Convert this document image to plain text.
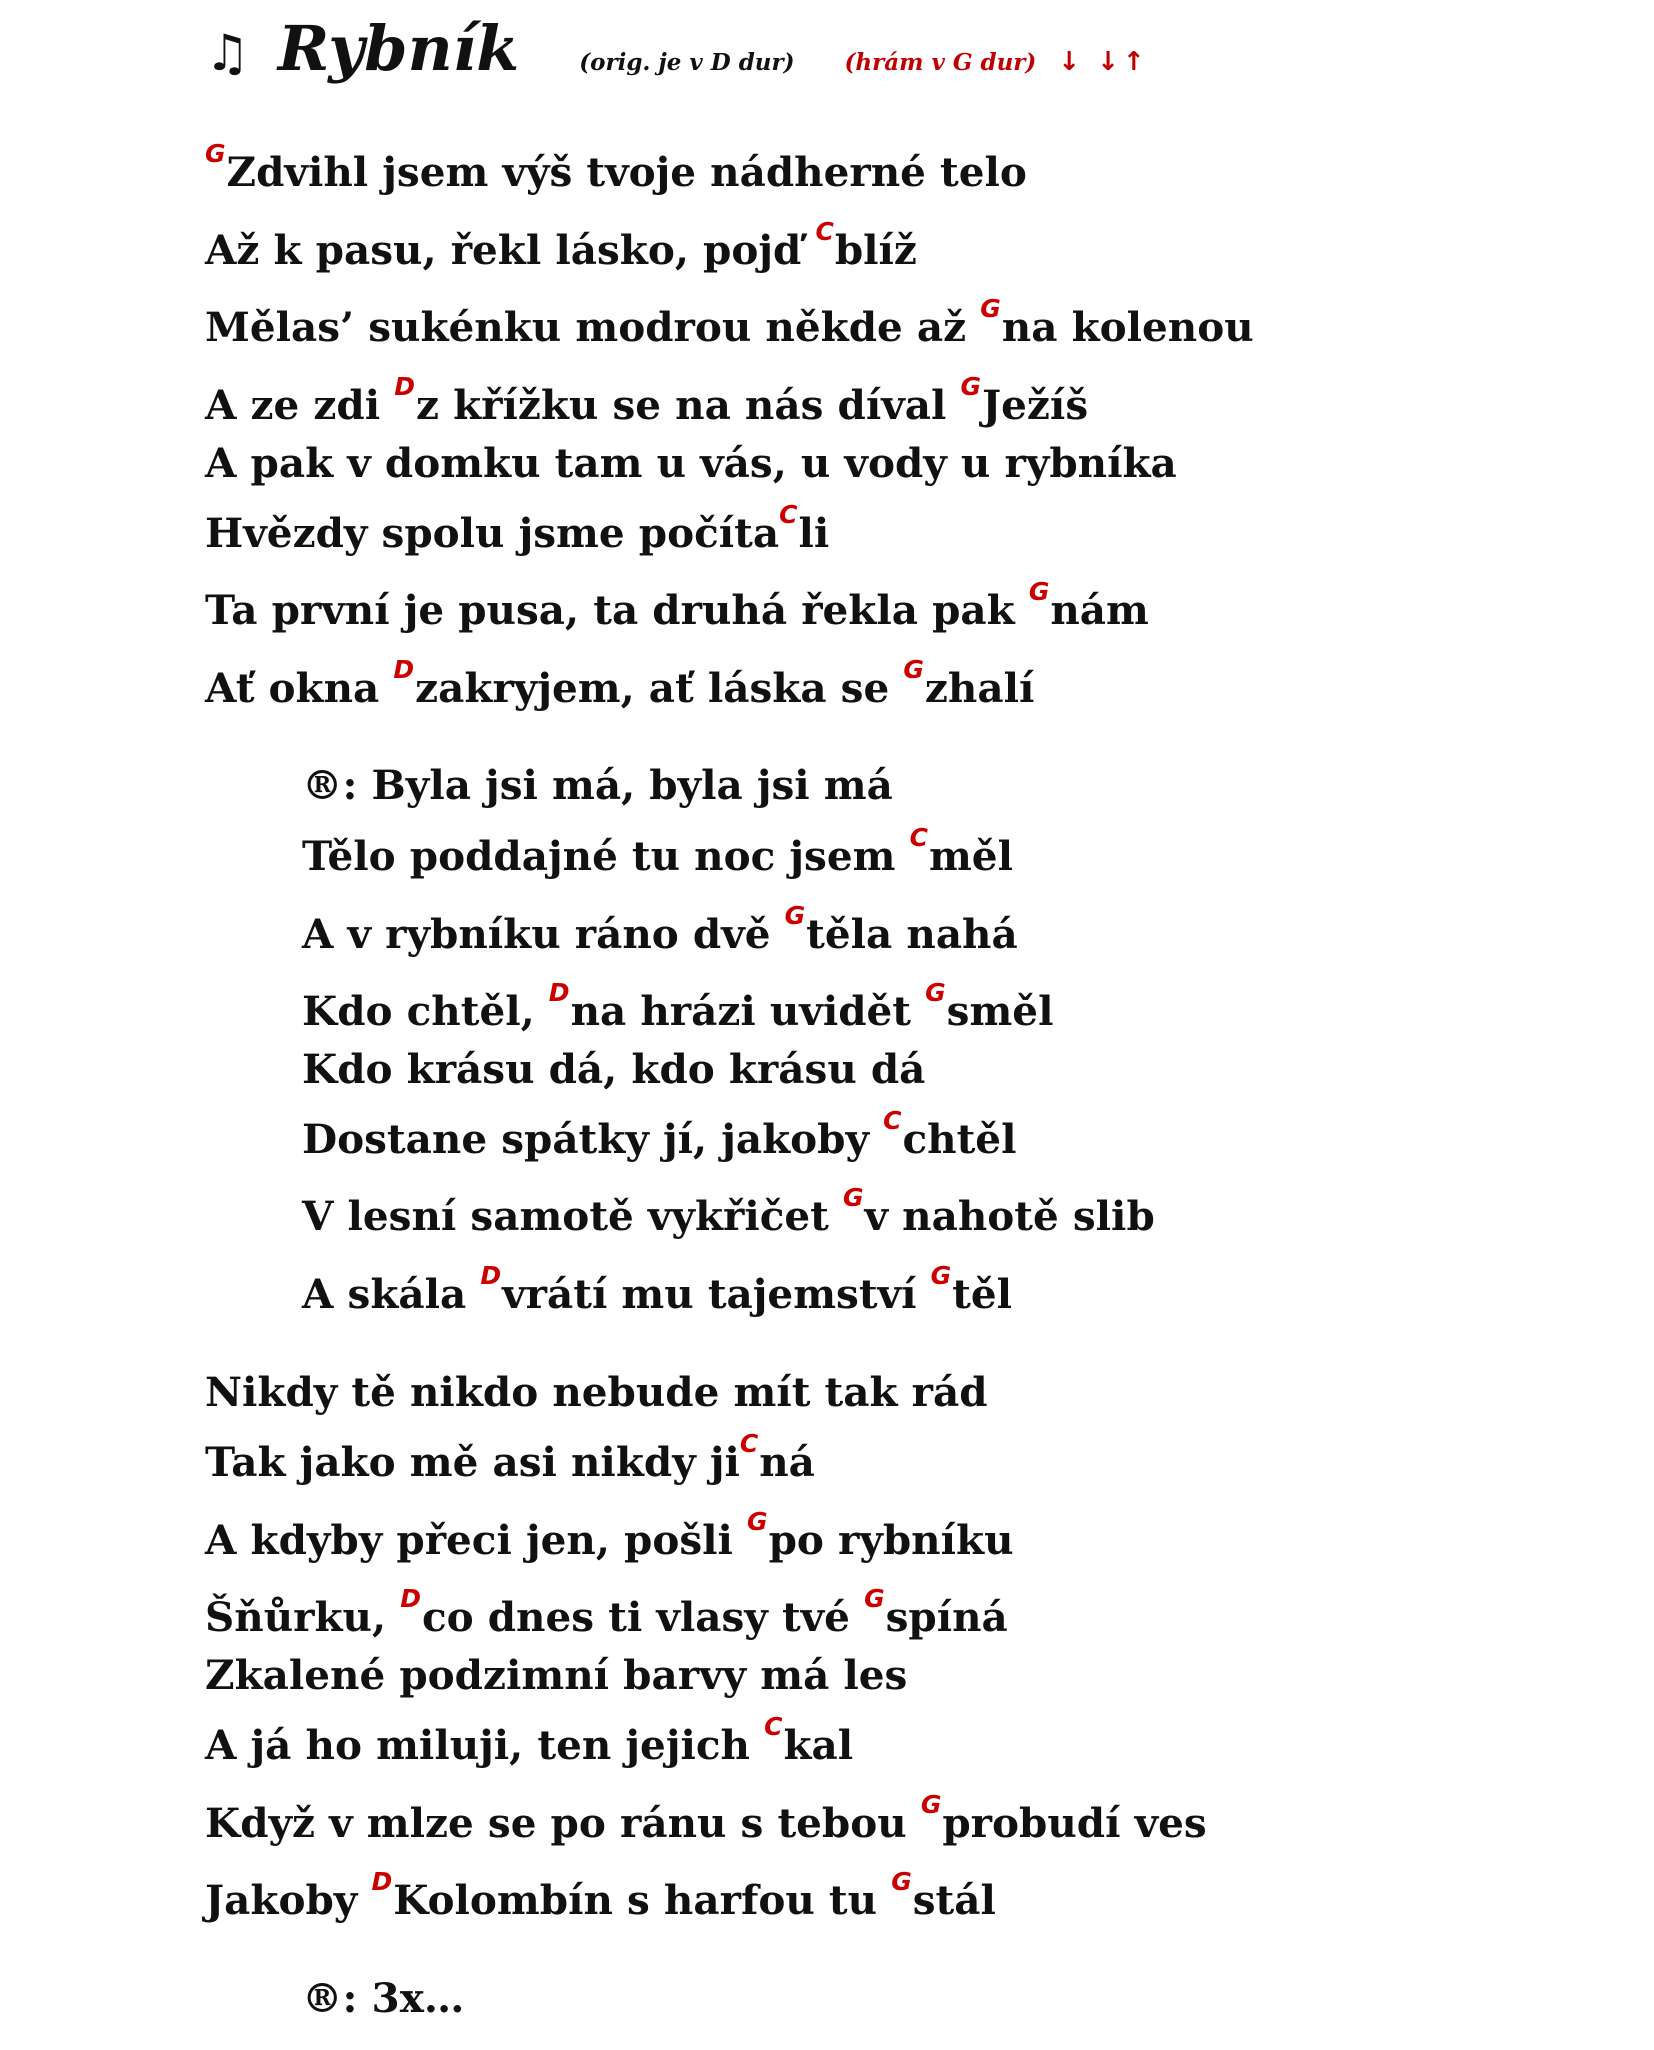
♫ Rybník	(orig. je v D dur) (hrám v G dur) ↓ ↓↑
$^G$Zdvihl jsem výš tvoje nádherné telo
Až k pasu, řekl lásko, pojď $^C$blíž
Mělas’ sukénku modrou někde až $^G$na kolenou
A ze zdi $^D$z křížku se na nás díval $^G$Ježíš
A pak v domku tam u vás, u vody u rybníka
Hvězdy spolu jsme počíta$^C$li
Ta první je pusa, ta druhá řekla pak $^G$nám
Ať okna $^D$zakryjem, ať láska se $^G$zhalí
®: Byla jsi má, byla jsi má
Tělo poddajné tu noc jsem $^C$měl
A v rybníku ráno dvě $^G$těla nahá
Kdo chtěl, $^D$na hrázi uvidět $^G$směl
Kdo krásu dá, kdo krásu dá
Dostane spátky jí, jakoby $^C$chtěl
V lesní samotě vykřičet $^G$v nahotě slib
A skála $^D$vrátí mu tajemství $^G$těl
Nikdy tě nikdo nebude mít tak rád
Tak jako mě asi nikdy $ji^Cná$
A kdyby přeci jen, pošli $^G$po rybníku
Šňůrku, $^D$co dnes ti vlasy tvé $^G$spíná
Zkalené podzimní barvy má les
A já ho miluji, ten jejich $^C$kal
Když v mlze se po ránu s tebou $^G$probudí ves
Jakoby $^D$Kolombín s harfou tu $^G$stál
®: 3x…
